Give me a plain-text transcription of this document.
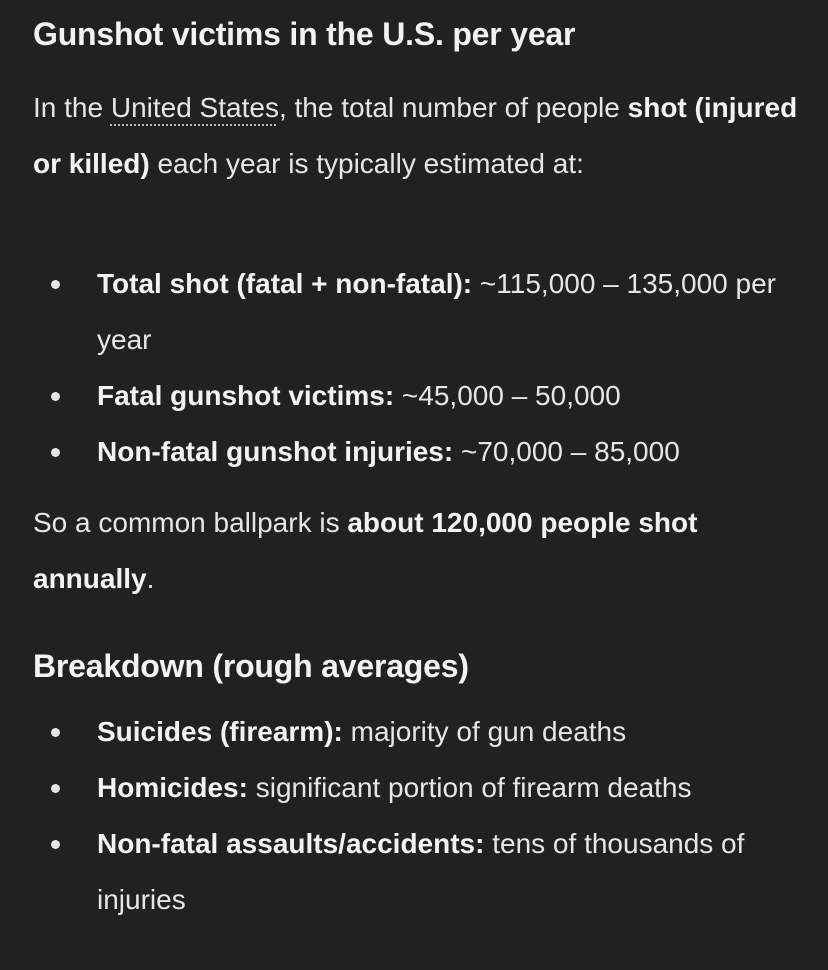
Gunshot victims in the U.S. per year

In the United States, the total number of people shot (injured or killed) each year is typically estimated at:

Total shot (fatal + non-fatal): ~115,000 – 135,000 per year
Fatal gunshot victims: ~45,000 – 50,000
Non-fatal gunshot injuries: ~70,000 – 85,000

So a common ballpark is about 120,000 people shot annually.

Breakdown (rough averages)
Suicides (firearm): majority of gun deaths
Homicides: significant portion of firearm deaths
Non-fatal assaults/accidents: tens of thousands of injuries
